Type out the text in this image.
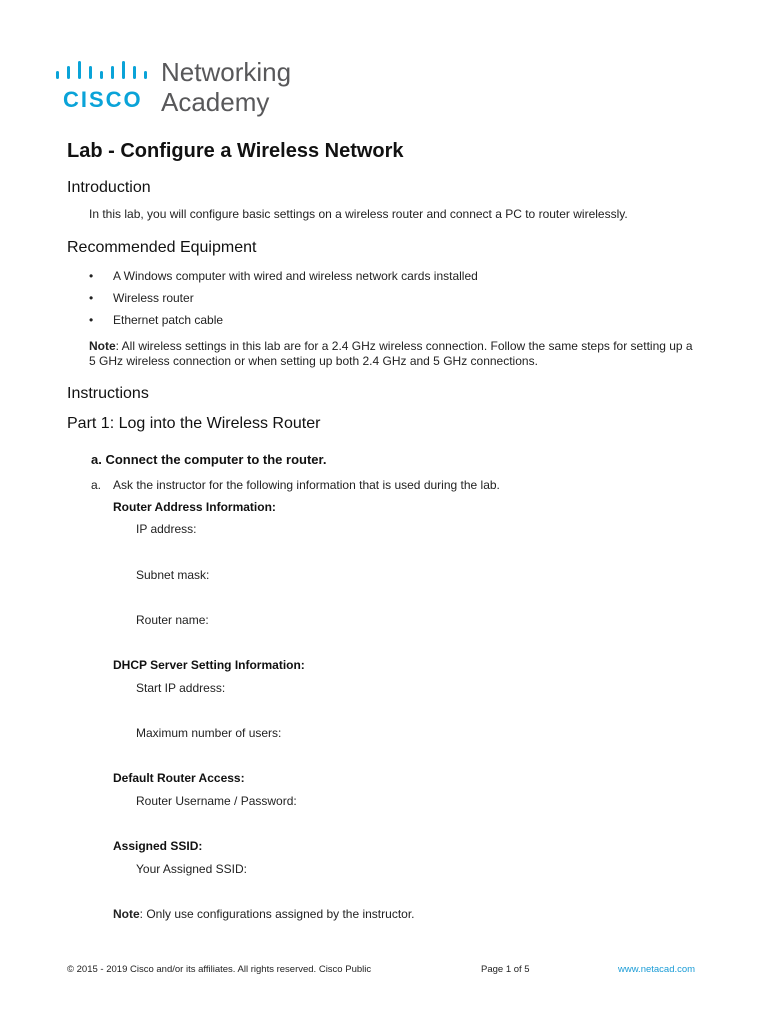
CISCO
Networking
Academy
Lab - Configure a Wireless Network
Introduction
In this lab, you will configure basic settings on a wireless router and connect a PC to router wirelessly.
Recommended Equipment
• A Windows computer with wired and wireless network cards installed
• Wireless router
• Ethernet patch cable
Note: All wireless settings in this lab are for a 2.4 GHz wireless connection. Follow the same steps for setting up a 5 GHz wireless connection or when setting up both 2.4 GHz and 5 GHz connections.
Instructions
Part 1: Log into the Wireless Router
a. Connect the computer to the router.
a. Ask the instructor for the following information that is used during the lab.
Router Address Information:
IP address:
Subnet mask:
Router name:
DHCP Server Setting Information:
Start IP address:
Maximum number of users:
Default Router Access:
Router Username / Password:
Assigned SSID:
Your Assigned SSID:
Note: Only use configurations assigned by the instructor.
© 2015 - 2019 Cisco and/or its affiliates. All rights reserved. Cisco Public	Page 1 of 5	www.netacad.com
